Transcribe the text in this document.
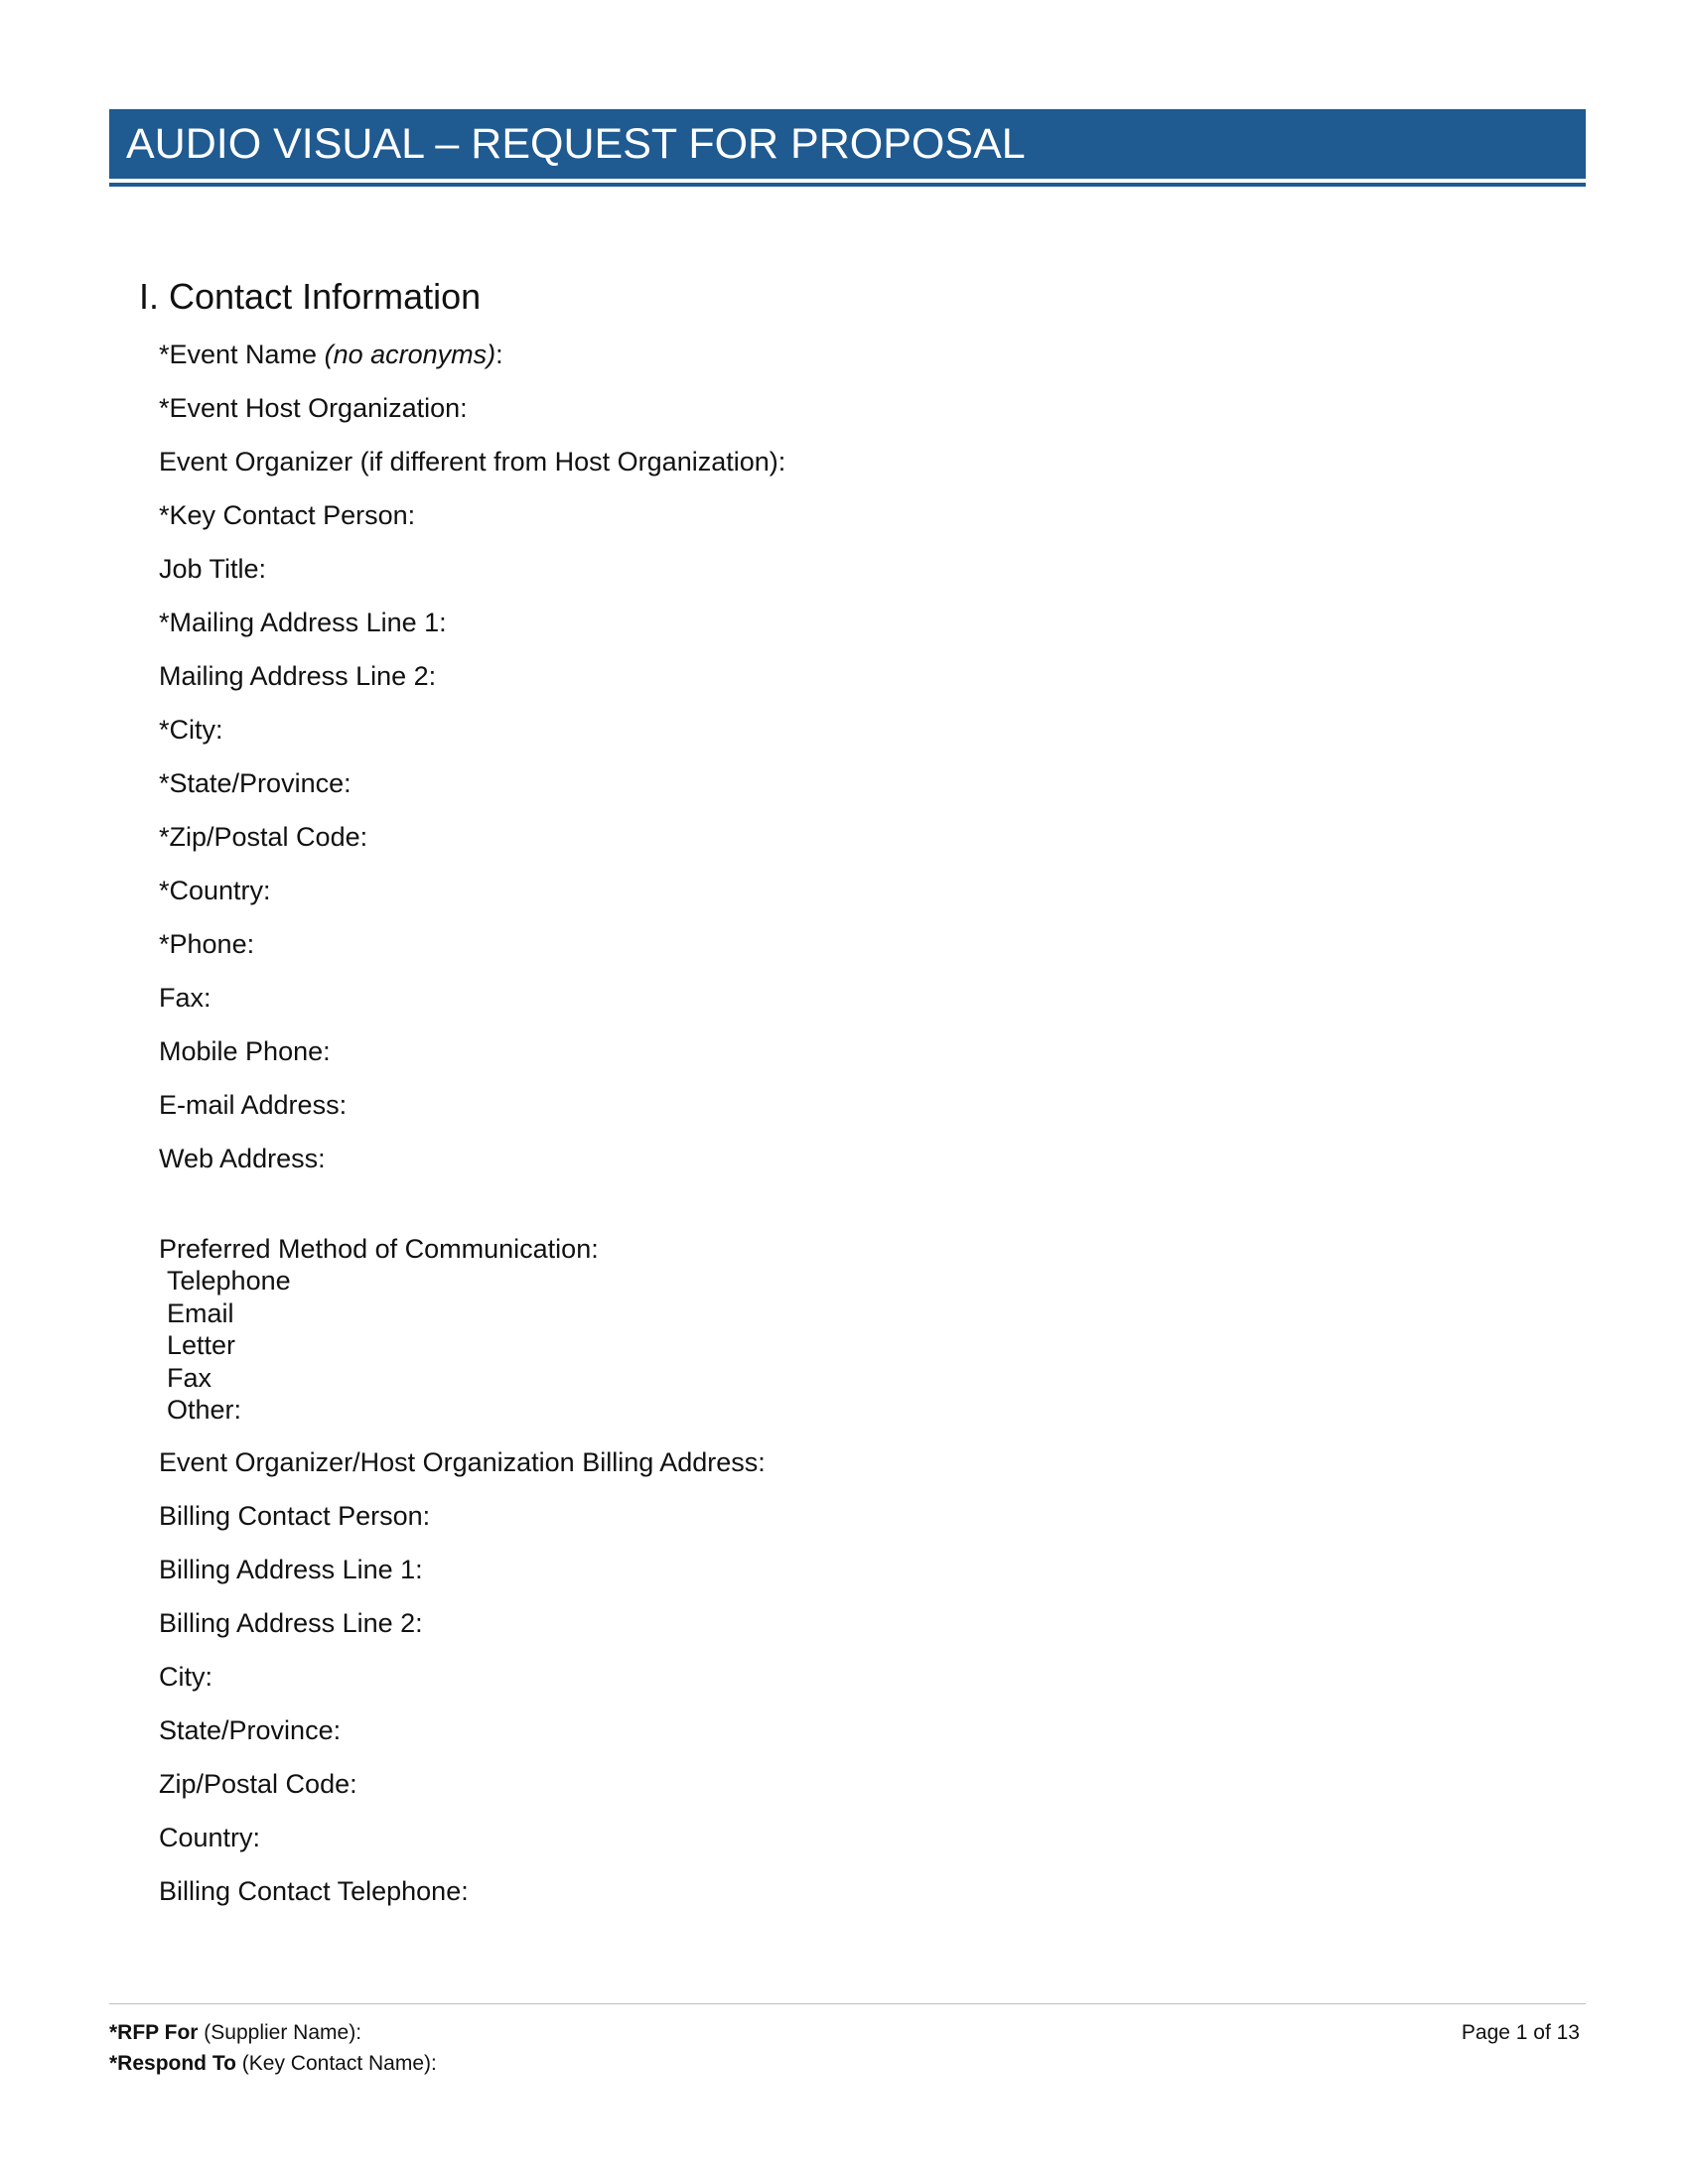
AUDIO VISUAL – REQUEST FOR PROPOSAL
I. Contact Information
*Event Name (no acronyms):
*Event Host Organization:
Event Organizer (if different from Host Organization):
*Key Contact Person:
Job Title:
*Mailing Address Line 1:
Mailing Address Line 2:
*City:
*State/Province:
*Zip/Postal Code:
*Country:
*Phone:
Fax:
Mobile Phone:
E-mail Address:
Web Address:
Preferred Method of Communication:
Telephone
Email
Letter
Fax
Other:
Event Organizer/Host Organization Billing Address:
Billing Contact Person:
Billing Address Line 1:
Billing Address Line 2:
City:
State/Province:
Zip/Postal Code:
Country:
Billing Contact Telephone:
*RFP For (Supplier Name):
*Respond To (Key Contact Name):
Page 1 of 13
